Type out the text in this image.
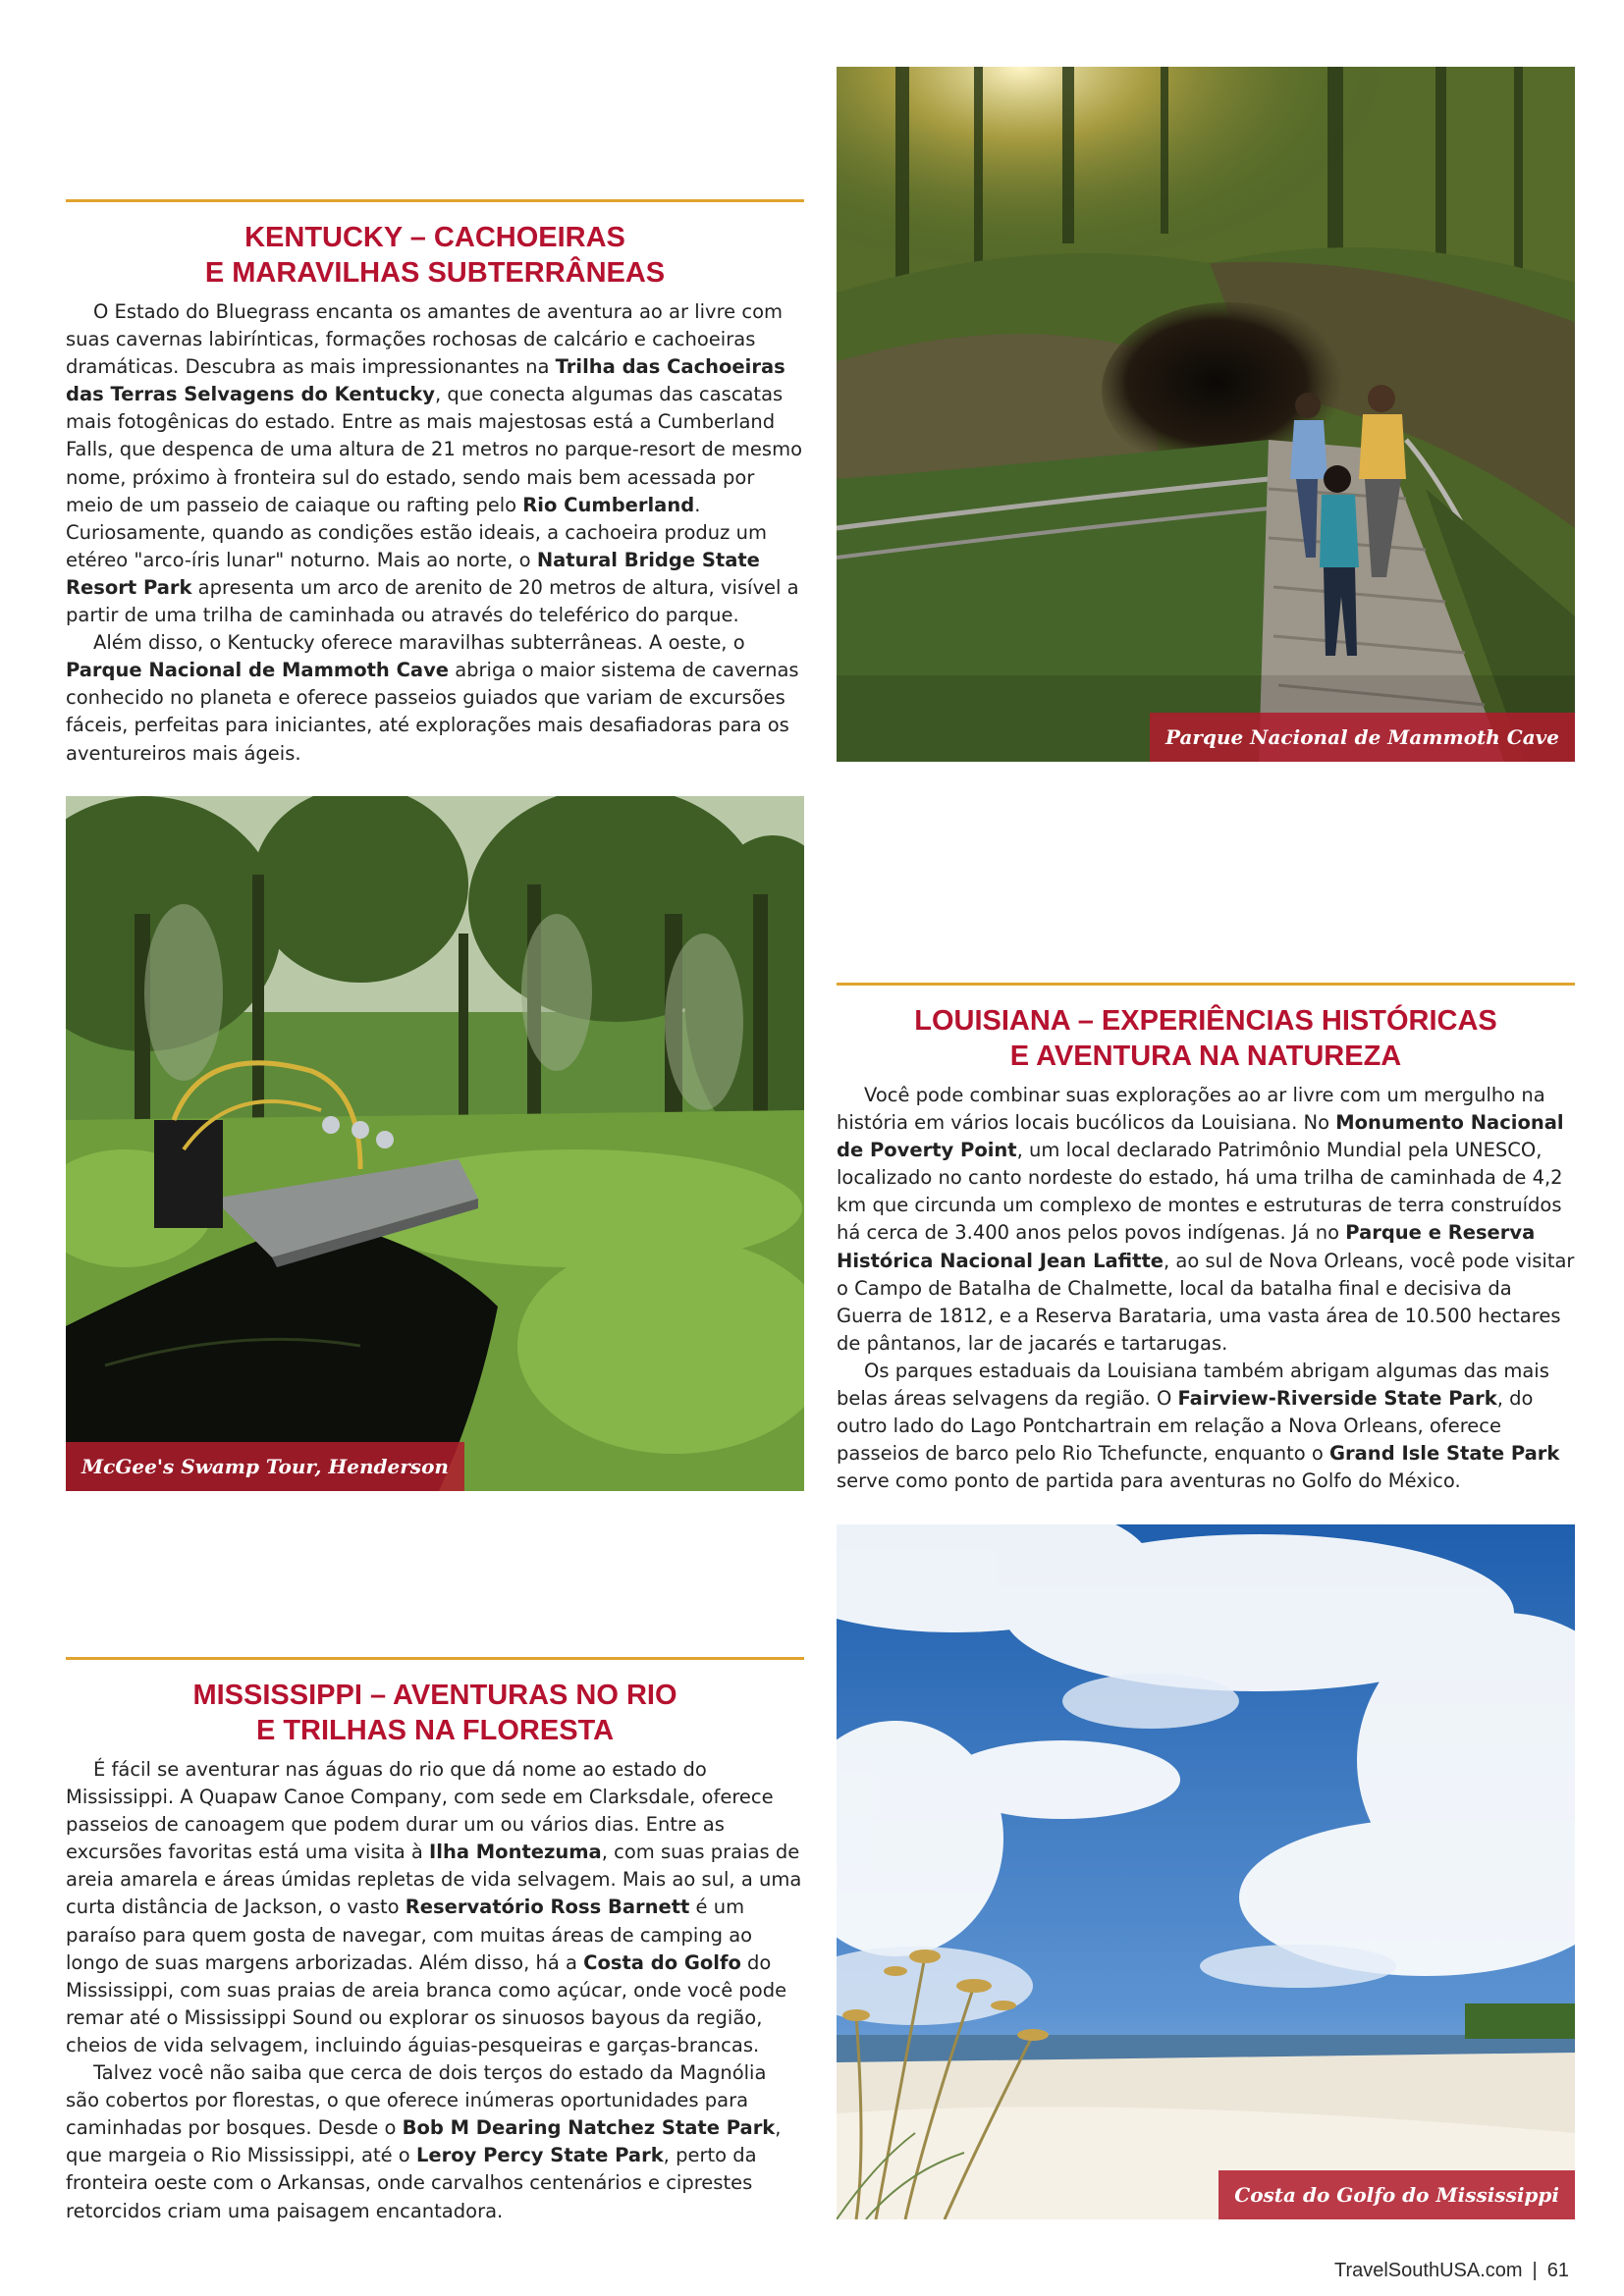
KENTUCKY – CACHOEIRAS
E MARAVILHAS SUBTERRÂNEAS

O Estado do Bluegrass encanta os amantes de aventura ao ar livre com suas cavernas labirínticas, formações rochosas de calcário e cachoeiras dramáticas. Descubra as mais impressionantes na Trilha das Cachoeiras das Terras Selvagens do Kentucky, que conecta algumas das cascatas mais fotogênicas do estado. Entre as mais majestosas está a Cumberland Falls, que despenca de uma altura de 21 metros no parque-resort de mesmo nome, próximo à fronteira sul do estado, sendo mais bem acessada por meio de um passeio de caiaque ou rafting pelo Rio Cumberland. Curiosamente, quando as condições estão ideais, a cachoeira produz um etéreo "arco-íris lunar" noturno. Mais ao norte, o Natural Bridge State Resort Park apresenta um arco de arenito de 20 metros de altura, visível a partir de uma trilha de caminhada ou através do teleférico do parque.

Além disso, o Kentucky oferece maravilhas subterrâneas. A oeste, o Parque Nacional de Mammoth Cave abriga o maior sistema de cavernas conhecido no planeta e oferece passeios guiados que variam de excursões fáceis, perfeitas para iniciantes, até explorações mais desafiadoras para os aventureiros mais ágeis.

Parque Nacional de Mammoth Cave
McGee's Swamp Tour, Henderson
LOUISIANA – EXPERIÊNCIAS HISTÓRICAS
E AVENTURA NA NATUREZA

Você pode combinar suas explorações ao ar livre com um mergulho na história em vários locais bucólicos da Louisiana. No Monumento Nacional de Poverty Point, um local declarado Patrimônio Mundial pela UNESCO, localizado no canto nordeste do estado, há uma trilha de caminhada de 4,2 km que circunda um complexo de montes e estruturas de terra construídos há cerca de 3.400 anos pelos povos indígenas. Já no Parque e Reserva Histórica Nacional Jean Lafitte, ao sul de Nova Orleans, você pode visitar o Campo de Batalha de Chalmette, local da batalha final e decisiva da Guerra de 1812, e a Reserva Barataria, uma vasta área de 10.500 hectares de pântanos, lar de jacarés e tartarugas.

Os parques estaduais da Louisiana também abrigam algumas das mais belas áreas selvagens da região. O Fairview-Riverside State Park, do outro lado do Lago Pontchartrain em relação a Nova Orleans, oferece passeios de barco pelo Rio Tchefuncte, enquanto o Grand Isle State Park serve como ponto de partida para aventuras no Golfo do México.

Costa do Golfo do Mississippi
MISSISSIPPI – AVENTURAS NO RIO
E TRILHAS NA FLORESTA

É fácil se aventurar nas águas do rio que dá nome ao estado do Mississippi. A Quapaw Canoe Company, com sede em Clarksdale, oferece passeios de canoagem que podem durar um ou vários dias. Entre as excursões favoritas está uma visita à Ilha Montezuma, com suas praias de areia amarela e áreas úmidas repletas de vida selvagem. Mais ao sul, a uma curta distância de Jackson, o vasto Reservatório Ross Barnett é um paraíso para quem gosta de navegar, com muitas áreas de camping ao longo de suas margens arborizadas. Além disso, há a Costa do Golfo do Mississippi, com suas praias de areia branca como açúcar, onde você pode remar até o Mississippi Sound ou explorar os sinuosos bayous da região, cheios de vida selvagem, incluindo águias-pesqueiras e garças-brancas.

Talvez você não saiba que cerca de dois terços do estado da Magnólia são cobertos por florestas, o que oferece inúmeras oportunidades para caminhadas por bosques. Desde o Bob M Dearing Natchez State Park, que margeia o Rio Mississippi, até o Leroy Percy State Park, perto da fronteira oeste com o Arkansas, onde carvalhos centenários e ciprestes retorcidos criam uma paisagem encantadora.

TravelSouthUSA.com | 61
